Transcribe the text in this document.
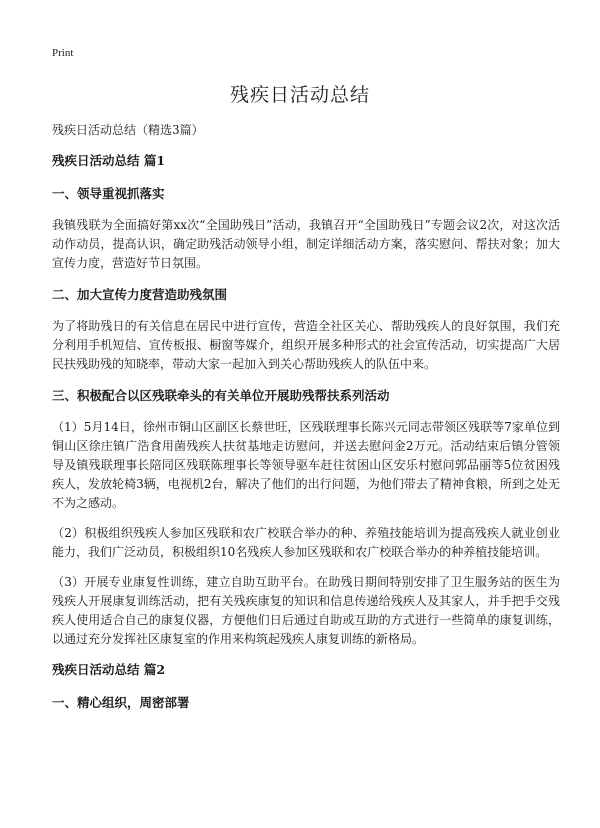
Print
残疾日活动总结
残疾日活动总结（精选3篇）
残疾日活动总结 篇1
一、领导重视抓落实

我镇残联为全面搞好第xx次“全国助残日”活动，我镇召开“全国助残日”专题会议2次，对这次活动作动员，提高认识，确定助残活动领导小组，制定详细活动方案，落实慰问、帮扶对象；加大宣传力度，营造好节日氛围。

二、加大宣传力度营造助残氛围

为了将助残日的有关信息在居民中进行宣传，营造全社区关心、帮助残疾人的良好氛围，我们充分利用手机短信、宣传板报、橱窗等媒介，组织开展多种形式的社会宣传活动，切实提高广大居民扶残助残的知晓率，带动大家一起加入到关心帮助残疾人的队伍中来。

三、积极配合以区残联牵头的有关单位开展助残帮扶系列活动

（1）5月14日，徐州市铜山区副区长蔡世旺，区残联理事长陈兴元同志带领区残联等7家单位到铜山区徐庄镇广浩食用菌残疾人扶贫基地走访慰问，并送去慰问金2万元。活动结束后镇分管领导及镇残联理事长陪同区残联陈理事长等领导驱车赶往贫困山区安乐村慰问郭品丽等5位贫困残疾人，发放轮椅3辆，电视机2台，解决了他们的出行问题，为他们带去了精神食粮，所到之处无不为之感动。

（2）积极组织残疾人参加区残联和农广校联合举办的种、养殖技能培训为提高残疾人就业创业能力，我们广泛动员，积极组织10名残疾人参加区残联和农广校联合举办的种养植技能培训。

（3）开展专业康复性训练，建立自助互助平台。在助残日期间特别安排了卫生服务站的医生为残疾人开展康复训练活动，把有关残疾康复的知识和信息传递给残疾人及其家人，并手把手交残疾人使用适合自己的康复仪器，方便他们日后通过自助或互助的方式进行一些简单的康复训练，以通过充分发挥社区康复室的作用来构筑起残疾人康复训练的新格局。

残疾日活动总结 篇2
一、精心组织，周密部署
